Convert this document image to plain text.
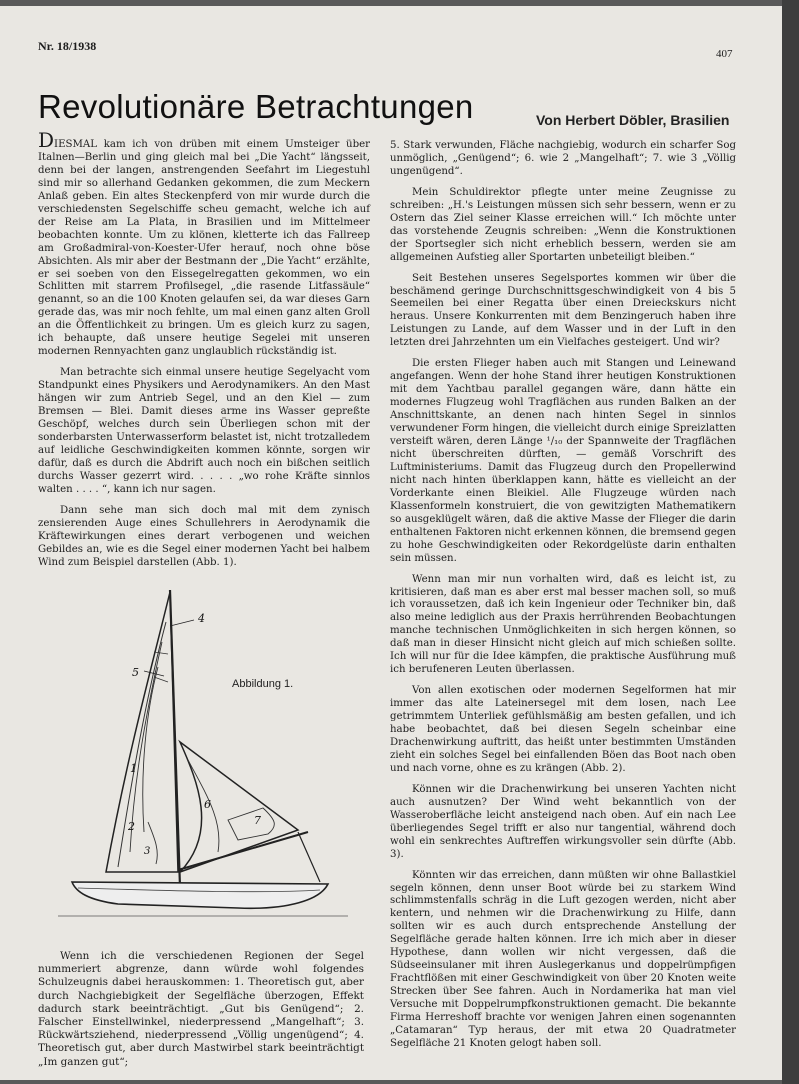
Nr. 18/1938
407
Revolutionäre Betrachtungen	Von Herbert Döbler, Brasilien

DIESMAL kam ich von drüben mit einem Umsteiger über Italnen—Berlin und ging gleich mal bei „Die Yacht“ längsseit, denn bei der langen, anstrengenden Seefahrt im Liegestuhl sind mir so allerhand Gedanken gekommen, die zum Meckern Anlaß geben. Ein altes Steckenpferd von mir wurde durch die verschiedensten Segelschiffe scheu gemacht, welche ich auf der Reise am La Plata, in Brasilien und im Mittelmeer beobachten konnte. Um zu klönen, kletterte ich das Fallreep am Großadmiral-von-Koester-Ufer herauf, noch ohne böse Absichten. Als mir aber der Bestmann der „Die Yacht“ erzählte, er sei soeben von den Eissegelregatten gekommen, wo ein Schlitten mit starrem Profilsegel, „die rasende Litfassäule“ genannt, so an die 100 Knoten gelaufen sei, da war dieses Garn gerade das, was mir noch fehlte, um mal einen ganz alten Groll an die Öffentlichkeit zu bringen. Um es gleich kurz zu sagen, ich behaupte, daß unsere heutige Segelei mit unseren modernen Rennyachten ganz unglaublich rückständig ist.

Man betrachte sich einmal unsere heutige Segelyacht vom Standpunkt eines Physikers und Aerodynamikers. An den Mast hängen wir zum Antrieb Segel, und an den Kiel — zum Bremsen — Blei. Damit dieses arme ins Wasser gepreßte Geschöpf, welches durch sein Überliegen schon mit der sonderbarsten Unterwasserform belastet ist, nicht trotzalledem auf leidliche Geschwindigkeiten kommen könnte, sorgen wir dafür, daß es durch die Abdrift auch noch ein bißchen seitlich durchs Wasser gezerrt wird. . . . . „wo rohe Kräfte sinnlos walten . . . . “, kann ich nur sagen.

Dann sehe man sich doch mal mit dem zynisch zensierenden Auge eines Schullehrers in Aerodynamik die Kräftewirkungen eines derart verbogenen und weichen Gebildes an, wie es die Segel einer modernen Yacht bei halbem Wind zum Beispiel darstellen (Abb. 1).

4
5
1
2
3
6
7
Abbildung 1.

Wenn ich die verschiedenen Regionen der Segel nummeriert abgrenze, dann würde wohl folgendes Schulzeugnis dabei herauskommen: 1. Theoretisch gut, aber durch Nachgiebigkeit der Segelfläche überzogen, Effekt dadurch stark beeinträchtigt. „Gut bis Genügend“; 2. Falscher Einstellwinkel, niederpressend „Mangelhaft“; 3. Rückwärtsziehend, niederpressend „Völlig ungenügend“; 4. Theoretisch gut, aber durch Mastwirbel stark beeinträchtigt „Im ganzen gut“;

5. Stark verwunden, Fläche nachgiebig, wodurch ein scharfer Sog unmöglich, „Genügend“; 6. wie 2 „Mangelhaft“; 7. wie 3 „Völlig ungenügend“.

Mein Schuldirektor pflegte unter meine Zeugnisse zu schreiben: „H.'s Leistungen müssen sich sehr bessern, wenn er zu Ostern das Ziel seiner Klasse erreichen will.“ Ich möchte unter das vorstehende Zeugnis schreiben: „Wenn die Konstruktionen der Sportsegler sich nicht erheblich bessern, werden sie am allgemeinen Aufstieg aller Sportarten unbeteiligt bleiben.“

Seit Bestehen unseres Segelsportes kommen wir über die beschämend geringe Durchschnittsgeschwindigkeit von 4 bis 5 Seemeilen bei einer Regatta über einen Dreieckskurs nicht heraus. Unsere Konkurrenten mit dem Benzingeruch haben ihre Leistungen zu Lande, auf dem Wasser und in der Luft in den letzten drei Jahrzehnten um ein Vielfaches gesteigert. Und wir?

Die ersten Flieger haben auch mit Stangen und Leinewand angefangen. Wenn der hohe Stand ihrer heutigen Konstruktionen mit dem Yachtbau parallel gegangen wäre, dann hätte ein modernes Flugzeug wohl Tragflächen aus runden Balken an der Anschnittskante, an denen nach hinten Segel in sinnlos verwundener Form hingen, die vielleicht durch einige Spreizlatten versteift wären, deren Länge ¹/₁₀ der Spannweite der Tragflächen nicht überschreiten dürften, — gemäß Vorschrift des Luftministeriums. Damit das Flugzeug durch den Propellerwind nicht nach hinten überklappen kann, hätte es vielleicht an der Vorderkante einen Bleikiel. Alle Flugzeuge würden nach Klassenformeln konstruiert, die von gewitzigten Mathematikern so ausgeklügelt wären, daß die aktive Masse der Flieger die darin enthaltenen Faktoren nicht erkennen können, die bremsend gegen zu hohe Geschwindigkeiten oder Rekordgelüste darin enthalten sein müssen.

Wenn man mir nun vorhalten wird, daß es leicht ist, zu kritisieren, daß man es aber erst mal besser machen soll, so muß ich voraussetzen, daß ich kein Ingenieur oder Techniker bin, daß also meine lediglich aus der Praxis herrührenden Beobachtungen manche technischen Unmöglichkeiten in sich hergen können, so daß man in dieser Hinsicht nicht gleich auf mich schießen sollte. Ich will nur für die Idee kämpfen, die praktische Ausführung muß ich berufeneren Leuten überlassen.

Von allen exotischen oder modernen Segelformen hat mir immer das alte Lateinersegel mit dem losen, nach Lee getrimmtem Unterliek gefühlsmäßig am besten gefallen, und ich habe beobachtet, daß bei diesen Segeln scheinbar eine Drachenwirkung auftritt, das heißt unter bestimmten Umständen zieht ein solches Segel bei einfallenden Böen das Boot nach oben und nach vorne, ohne es zu krängen (Abb. 2).

Können wir die Drachenwirkung bei unseren Yachten nicht auch ausnutzen? Der Wind weht bekanntlich von der Wasseroberfläche leicht ansteigend nach oben. Auf ein nach Lee überliegendes Segel trifft er also nur tangential, während doch wohl ein senkrechtes Auftreffen wirkungsvoller sein dürfte (Abb. 3).

Könnten wir das erreichen, dann müßten wir ohne Ballastkiel segeln können, denn unser Boot würde bei zu starkem Wind schlimmstenfalls schräg in die Luft gezogen werden, nicht aber kentern, und nehmen wir die Drachenwirkung zu Hilfe, dann sollten wir es auch durch entsprechende Anstellung der Segelfläche gerade halten können. Irre ich mich aber in dieser Hypothese, dann wollen wir nicht vergessen, daß die Südseeinsulaner mit ihren Auslegerkanus und doppelrümpfigen Frachtflößen mit einer Geschwindigkeit von über 20 Knoten weite Strecken über See fahren. Auch in Nordamerika hat man viel Versuche mit Doppelrumpfkonstruktionen gemacht. Die bekannte Firma Herreshoff brachte vor wenigen Jahren einen sogenannten „Catamaran“ Typ heraus, der mit etwa 20 Quadratmeter Segelfläche 21 Knoten gelogt haben soll.
